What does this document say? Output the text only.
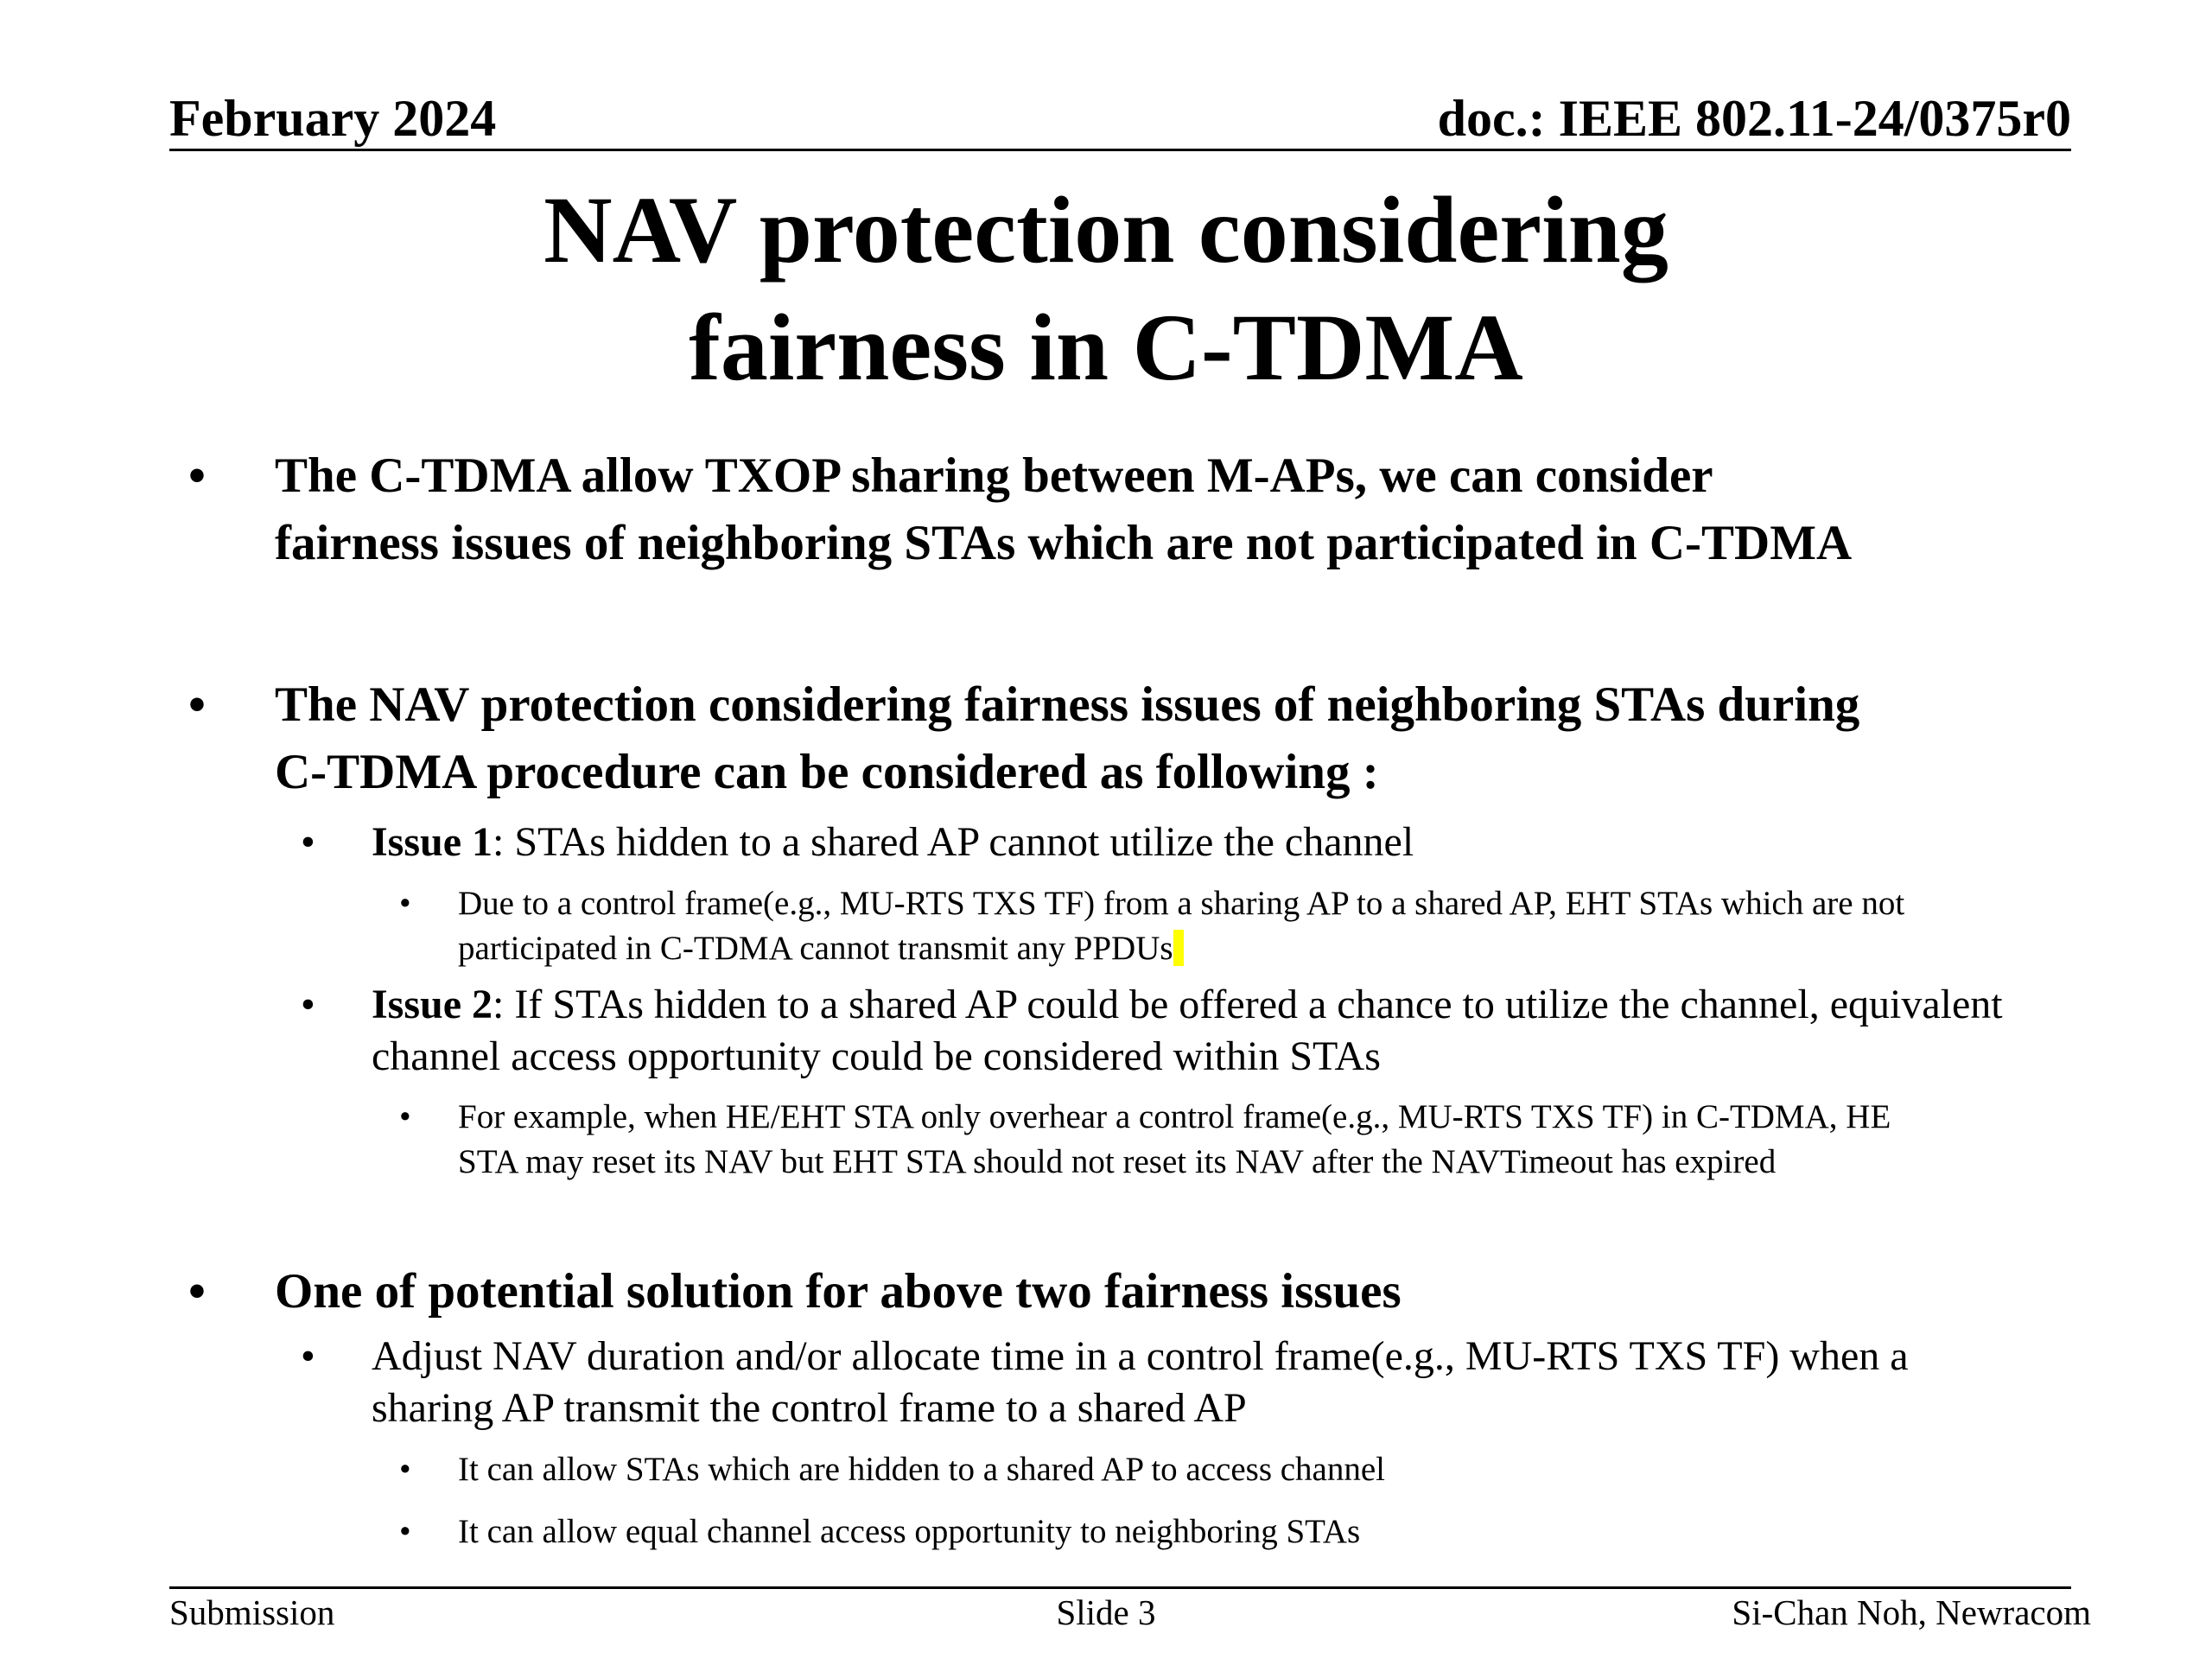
February 2024	doc.: IEEE 802.11-24/0375r0
NAV protection considering
fairness in C-TDMA
•	The C-TDMA allow TXOP sharing between M-APs, we can consider
fairness issues of neighboring STAs which are not participated in C-TDMA
•	The NAV protection considering fairness issues of neighboring STAs during
C-TDMA procedure can be considered as following :
•	Issue 1: STAs hidden to a shared AP cannot utilize the channel
•	Due to a control frame(e.g., MU-RTS TXS TF) from a sharing AP to a shared AP, EHT STAs which are not
participated in C-TDMA cannot transmit any PPDUs
•	Issue 2: If STAs hidden to a shared AP could be offered a chance to utilize the channel, equivalent
channel access opportunity could be considered within STAs
•	For example, when HE/EHT STA only overhear a control frame(e.g., MU-RTS TXS TF) in C-TDMA, HE
STA may reset its NAV but EHT STA should not reset its NAV after the NAVTimeout has expired
•	One of potential solution for above two fairness issues
•	Adjust NAV duration and/or allocate time in a control frame(e.g., MU-RTS TXS TF) when a
sharing AP transmit the control frame to a shared AP
•	It can allow STAs which are hidden to a shared AP to access channel
•	It can allow equal channel access opportunity to neighboring STAs
Submission	Slide 3	Si-Chan Noh, Newracom
